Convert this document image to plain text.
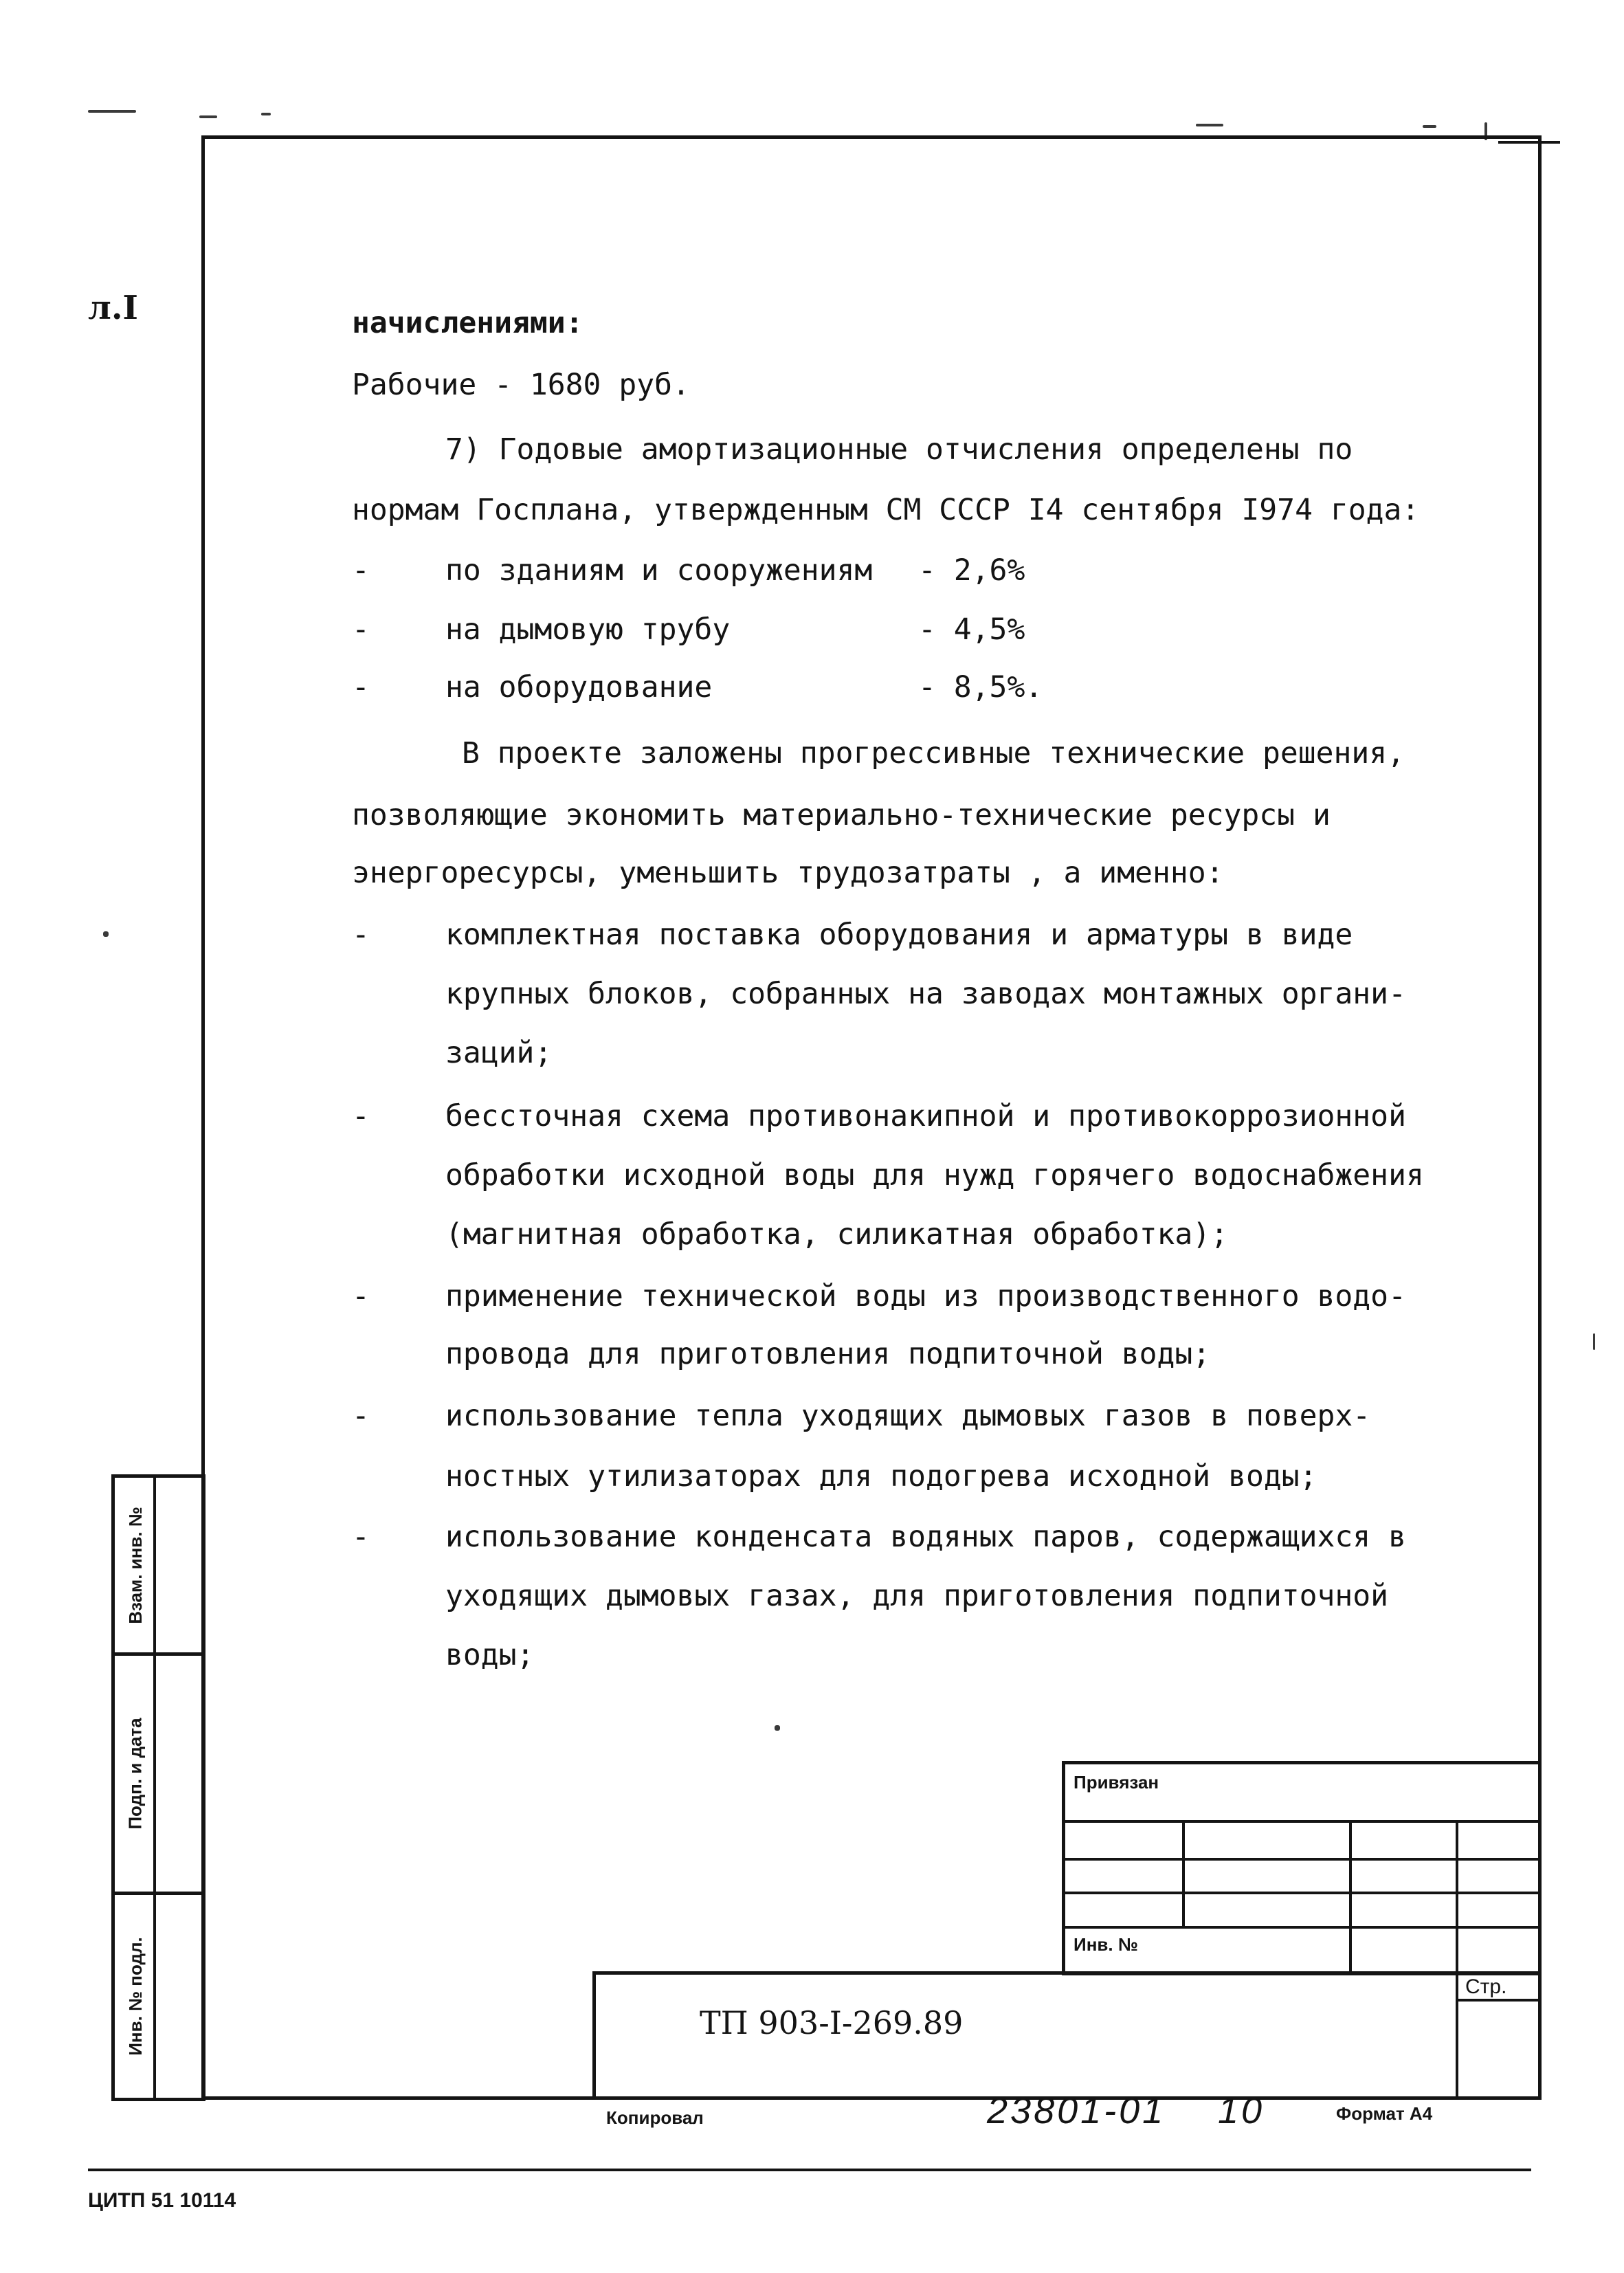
л.I	начислениями:
Рабочие - 1680 руб.
7) Годовые амортизационные отчисления определены по
нормам Госплана, утвержденным СМ СССР I4 сентября I974 года:
-	по зданиям и сооружениям - 2,6%
-	на дымовую трубу	- 4,5%
-	на оборудование	- 8,5%.
В проекте заложены прогрессивные технические решения,
позволяющие экономить материально-технические ресурсы и
энергоресурсы, уменьшить трудозатраты , а именно:
-	комплектная поставка оборудования и арматуры в виде
крупных блоков, собранных на заводах монтажных органи-
заций;
-	бессточная схема противонакипной и противокоррозионной
обработки исходной воды для нужд горячего водоснабжения
(магнитная обработка, силикатная обработка);
-	применение технической воды из производственного водо-
провода для приготовления подпиточной воды;
-	использование тепла уходящих дымовых газов в поверх-
ностных утилизаторах для подогрева исходной воды;
-	использование конденсата водяных паров, содержащихся в
уходящих дымовых газах, для приготовления подпиточной
воды;
Взам. инв. №
Подп. и дата
Инв. № подл.
Привязан
Инв. №
Стр.
ТП 903-I-269.89
Копировал	23801-01 10	Формат А4
ЦИТП 51 10114
